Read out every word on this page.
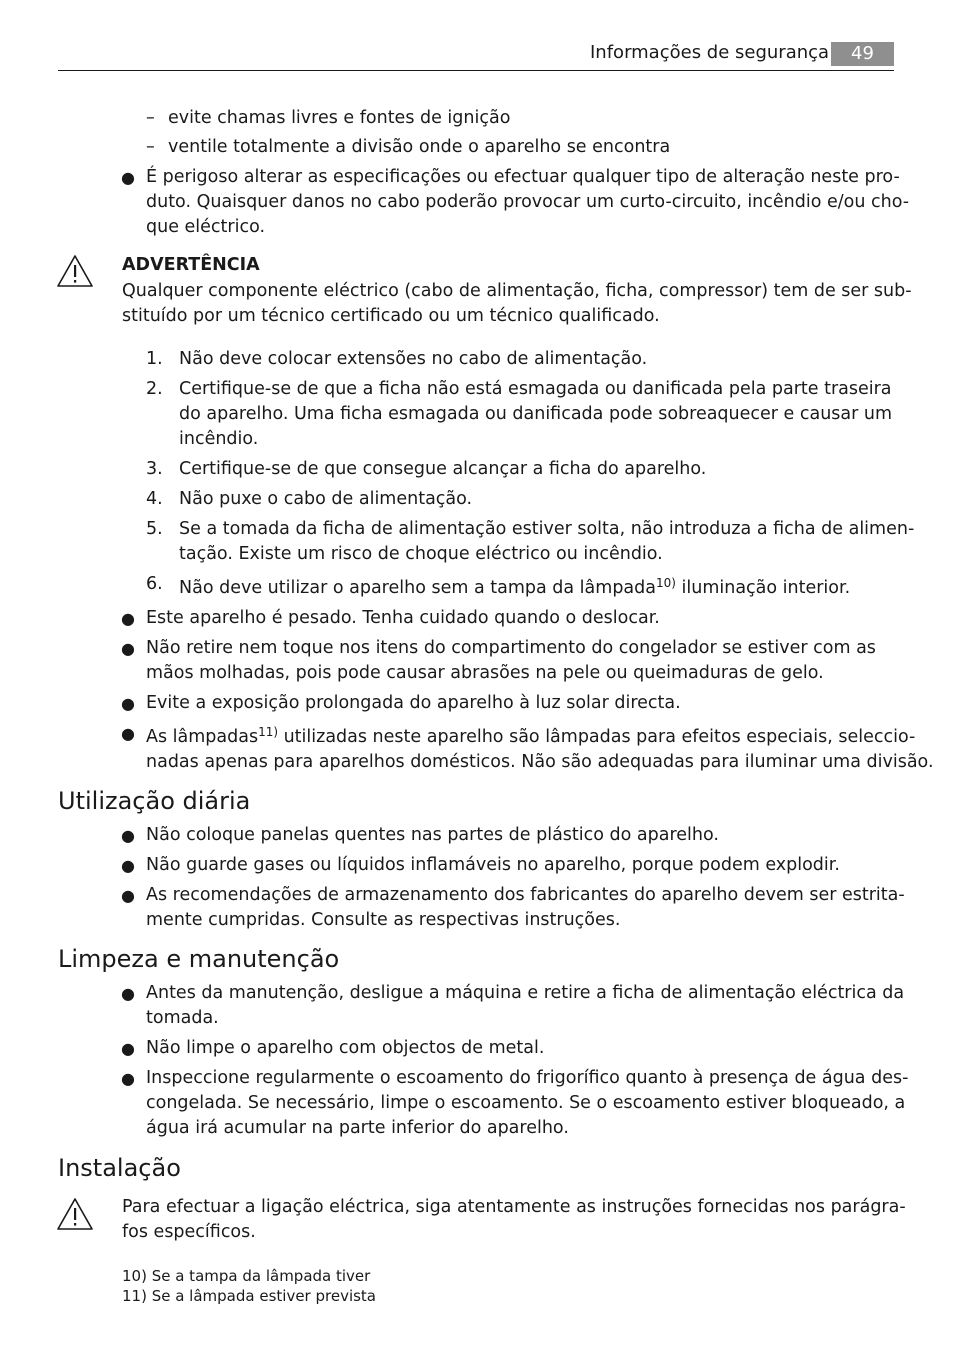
Informações de segurança	49
– evite chamas livres e fontes de ignição
– ventile totalmente a divisão onde o aparelho se encontra
● É perigoso alterar as especificações ou efectuar qualquer tipo de alteração neste pro-
duto. Quaisquer danos no cabo poderão provocar um curto-circuito, incêndio e/ou cho-
que eléctrico.
ADVERTÊNCIA
Qualquer componente eléctrico (cabo de alimentação, ficha, compressor) tem de ser sub-
stituído por um técnico certificado ou um técnico qualificado.
1. Não deve colocar extensões no cabo de alimentação.
2. Certifique-se de que a ficha não está esmagada ou danificada pela parte traseira
do aparelho. Uma ficha esmagada ou danificada pode sobreaquecer e causar um
incêndio.
3. Certifique-se de que consegue alcançar a ficha do aparelho.
4. Não puxe o cabo de alimentação.
5. Se a tomada da ficha de alimentação estiver solta, não introduza a ficha de alimen-
tação. Existe um risco de choque eléctrico ou incêndio.
6. Não deve utilizar o aparelho sem a tampa da lâmpada$^{10)}$ iluminação interior.
● Este aparelho é pesado. Tenha cuidado quando o deslocar.
● Não retire nem toque nos itens do compartimento do congelador se estiver com as
mãos molhadas, pois pode causar abrasões na pele ou queimaduras de gelo.
● Evite a exposição prolongada do aparelho à luz solar directa.
● As lâmpadas$^{11)}$ utilizadas neste aparelho são lâmpadas para efeitos especiais, seleccio-
nadas apenas para aparelhos domésticos. Não são adequadas para iluminar uma divisão.
Utilização diária
● Não coloque panelas quentes nas partes de plástico do aparelho.
● Não guarde gases ou líquidos inflamáveis no aparelho, porque podem explodir.
● As recomendações de armazenamento dos fabricantes do aparelho devem ser estrita-
mente cumpridas. Consulte as respectivas instruções.
Limpeza e manutenção
● Antes da manutenção, desligue a máquina e retire a ficha de alimentação eléctrica da
tomada.
● Não limpe o aparelho com objectos de metal.
● Inspeccione regularmente o escoamento do frigorífico quanto à presença de água des-
congelada. Se necessário, limpe o escoamento. Se o escoamento estiver bloqueado, a
água irá acumular na parte inferior do aparelho.
Instalação
Para efectuar a ligação eléctrica, siga atentamente as instruções fornecidas nos parágra-
fos específicos.
10) Se a tampa da lâmpada tiver
11) Se a lâmpada estiver prevista
